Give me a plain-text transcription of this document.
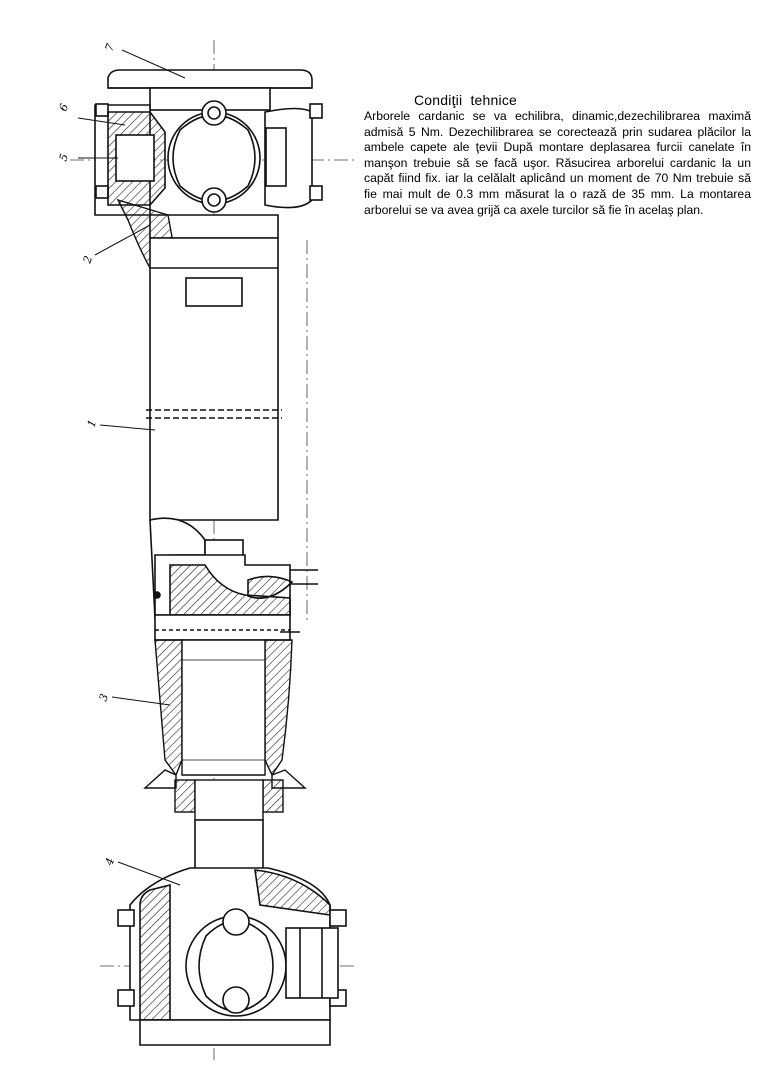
7
6
5
2
1
3
4
Condiţii  tehnice
Arborele cardanic se va echilibra, dinamic,dezechilibrarea maximă admisă 5 Nm. Dezechilibrarea se corectează prin sudarea plăcilor la ambele capete ale ţevii După montare deplasarea furcii canelate în manşon trebuie să se facă uşor. Răsucirea arborelui cardanic la un capăt fiind fix. iar la celălalt aplicând un moment de 70 Nm trebuie să fie mai mult de 0.3 mm măsurat la o rază de 35 mm. La montarea arborelui se va avea grijă ca axele turcilor să fie în acelaş plan.
